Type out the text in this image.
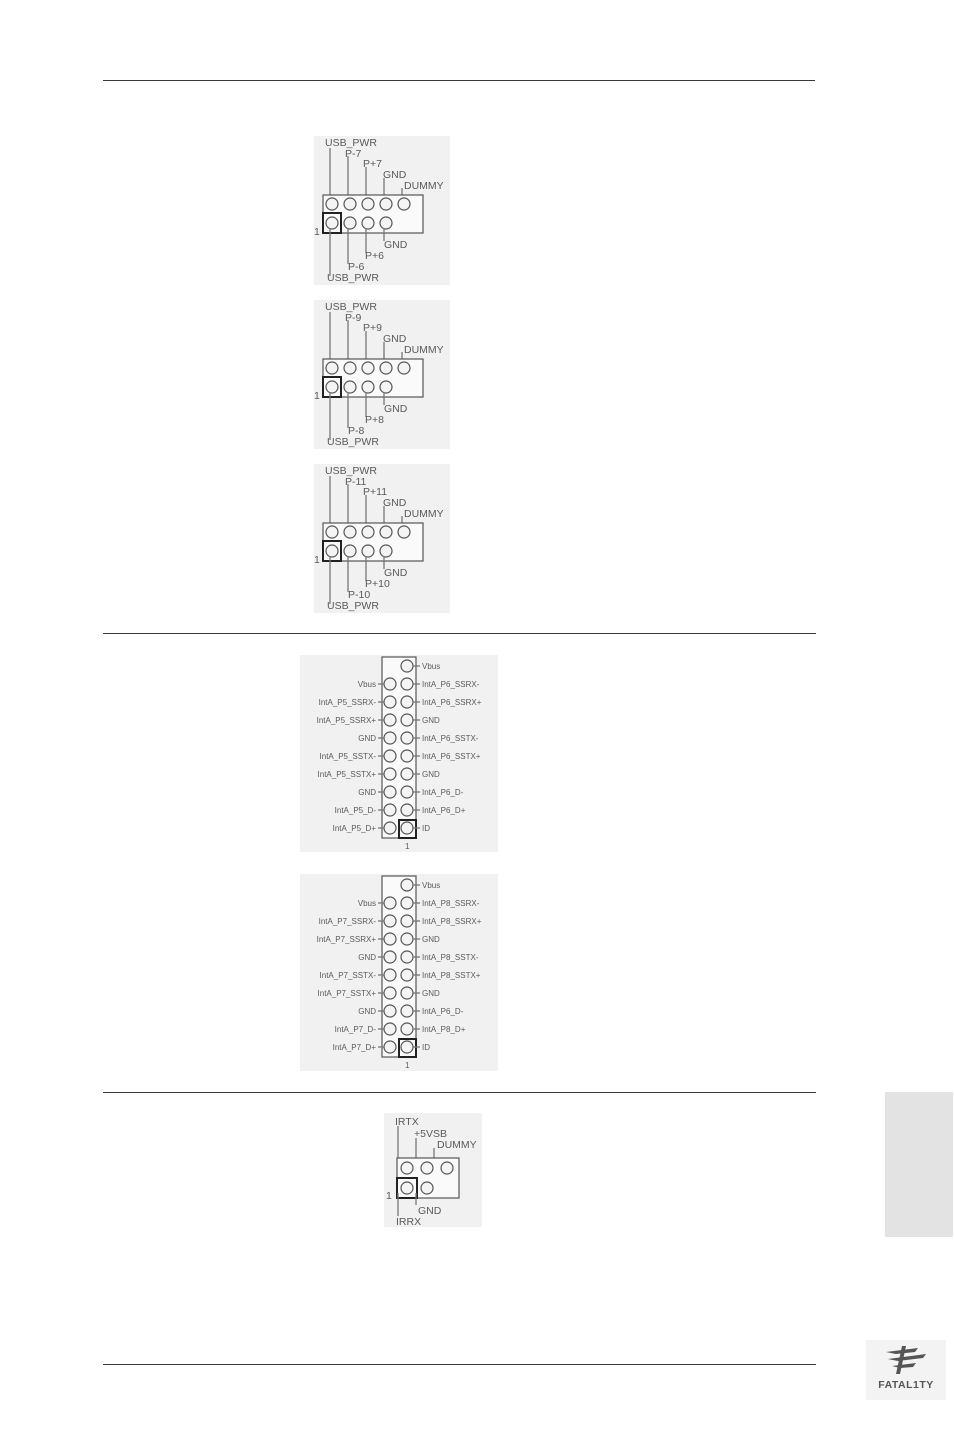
USB_PWR
P-7
P+7
GND
DUMMY
1
GND
P+6
P-6
USB_PWR
USB_PWR
P-9
P+9
GND
DUMMY
1
GND
P+8
P-8
USB_PWR
USB_PWR
P-11
P+11
GND
DUMMY
1
GND
P+10
P-10
USB_PWR
Vbus
Vbus	IntA_P6_SSRX-
IntA_P5_SSRX-	IntA_P6_SSRX+
IntA_P5_SSRX+	GND
GND	IntA_P6_SSTX-
IntA_P5_SSTX-	IntA_P6_SSTX+
IntA_P5_SSTX+	GND
GND	IntA_P6_D-
IntA_P5_D-	IntA_P6_D+
IntA_P5_D+	ID
1
Vbus
Vbus	IntA_P8_SSRX-
IntA_P7_SSRX-	IntA_P8_SSRX+
IntA_P7_SSRX+	GND
GND	IntA_P8_SSTX-
IntA_P7_SSTX-	IntA_P8_SSTX+
IntA_P7_SSTX+	GND
GND	IntA_P6_D-
IntA_P7_D-	IntA_P8_D+
IntA_P7_D+	ID
1
IRTX
+5VSB
DUMMY
1
GND
IRRX
FATAL1TY
